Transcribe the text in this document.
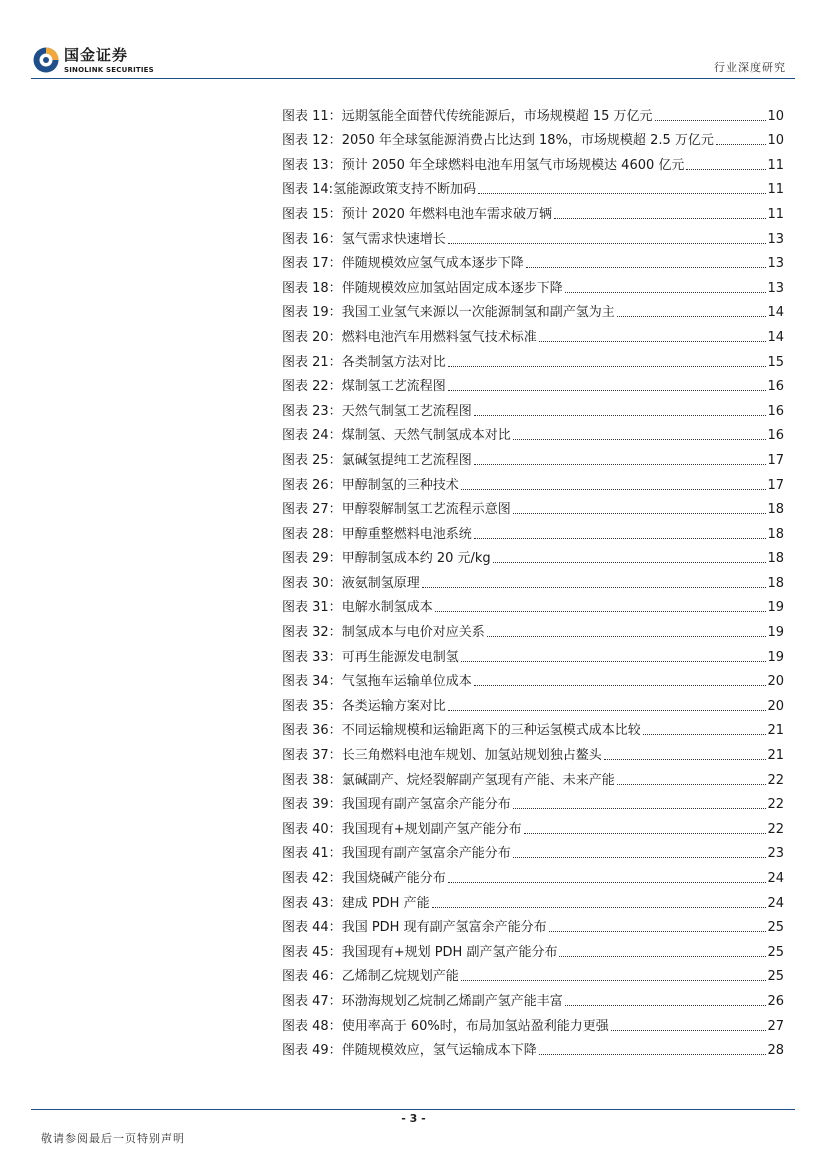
国金证券
SINOLINK SECURITIES	行业深度研究
图表 11： 远期氢能全面替代传统能源后，市场规模超 15 万亿元	10
图表 12： 2050 年全球氢能源消费占比达到 18%，市场规模超 2.5 万亿元	10
图表 13： 预计 2050 年全球燃料电池车用氢气市场规模达 4600 亿元	11
图表 14: 氢能源政策支持不断加码	11
图表 15： 预计 2020 年燃料电池车需求破万辆	11
图表 16： 氢气需求快速增长	13
图表 17： 伴随规模效应氢气成本逐步下降	13
图表 18： 伴随规模效应加氢站固定成本逐步下降	13
图表 19： 我国工业氢气来源以一次能源制氢和副产氢为主	14
图表 20： 燃料电池汽车用燃料氢气技术标准	14
图表 21： 各类制氢方法对比	15
图表 22： 煤制氢工艺流程图	16
图表 23： 天然气制氢工艺流程图	16
图表 24： 煤制氢、天然气制氢成本对比	16
图表 25： 氯碱氢提纯工艺流程图	17
图表 26： 甲醇制氢的三种技术	17
图表 27： 甲醇裂解制氢工艺流程示意图	18
图表 28： 甲醇重整燃料电池系统	18
图表 29： 甲醇制氢成本约 20 元/kg	18
图表 30： 液氨制氢原理	18
图表 31： 电解水制氢成本	19
图表 32： 制氢成本与电价对应关系	19
图表 33： 可再生能源发电制氢	19
图表 34： 气氢拖车运输单位成本	20
图表 35： 各类运输方案对比	20
图表 36： 不同运输规模和运输距离下的三种运氢模式成本比较	21
图表 37： 长三角燃料电池车规划、加氢站规划独占鳌头	21
图表 38： 氯碱副产、烷烃裂解副产氢现有产能、未来产能	22
图表 39： 我国现有副产氢富余产能分布	22
图表 40： 我国现有+规划副产氢产能分布	22
图表 41： 我国现有副产氢富余产能分布	23
图表 42： 我国烧碱产能分布	24
图表 43： 建成 PDH 产能	24
图表 44： 我国 PDH 现有副产氢富余产能分布	25
图表 45： 我国现有+规划 PDH 副产氢产能分布	25
图表 46： 乙烯制乙烷规划产能	25
图表 47： 环渤海规划乙烷制乙烯副产氢产能丰富	26
图表 48： 使用率高于 60%时，布局加氢站盈利能力更强	27
图表 49： 伴随规模效应，氢气运输成本下降	28
- 3 -
敬请参阅最后一页特别声明
